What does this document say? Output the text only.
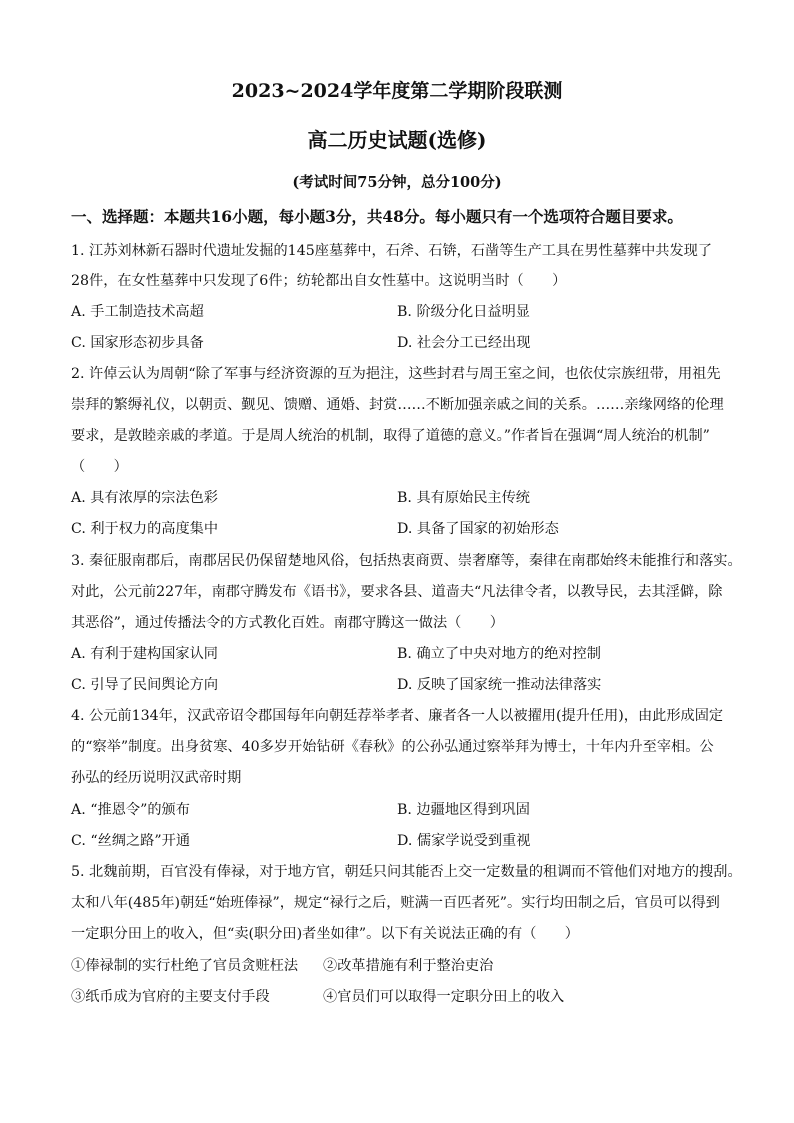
2023~2024学年度第二学期阶段联测
高二历史试题(选修)
(考试时间75分钟，总分100分)
一、选择题：本题共16小题，每小题3分，共48分。每小题只有一个选项符合题目要求。
1. 江苏刘林新石器时代遗址发掘的145座墓葬中，石斧、石锛，石凿等生产工具在男性墓葬中共发现了
28件，在女性墓葬中只发现了6件；纺轮都出自女性墓中。这说明当时（　　）
A. 手工制造技术高超	B. 阶级分化日益明显
C. 国家形态初步具备	D. 社会分工已经出现
2. 许倬云认为周朝“除了军事与经济资源的互为挹注，这些封君与周王室之间，也依仗宗族纽带，用祖先
崇拜的繁缛礼仪，以朝贡、觐见、馈赠、通婚、封赏……不断加强亲戚之间的关系。……亲缘网络的伦理
要求，是敦睦亲戚的孝道。于是周人统治的机制，取得了道德的意义。”作者旨在强调“周人统治的机制”
（　　）
A. 具有浓厚的宗法色彩	B. 具有原始民主传统
C. 利于权力的高度集中	D. 具备了国家的初始形态
3. 秦征服南郡后，南郡居民仍保留楚地风俗，包括热衷商贾、崇奢靡等，秦律在南郡始终未能推行和落实。
对此，公元前227年，南郡守腾发布《语书》，要求各县、道啬夫“凡法律令者，以教导民，去其淫僻，除
其恶俗”，通过传播法令的方式教化百姓。南郡守腾这一做法（　　）
A. 有利于建构国家认同	B. 确立了中央对地方的绝对控制
C. 引导了民间舆论方向	D. 反映了国家统一推动法律落实
4. 公元前134年，汉武帝诏令郡国每年向朝廷荐举孝者、廉者各一人以被擢用(提升任用)，由此形成固定
的“察举”制度。出身贫寒、40多岁开始钻研《春秋》的公孙弘通过察举拜为博士，十年内升至宰相。公
孙弘的经历说明汉武帝时期
A. “推恩令”的颁布	B. 边疆地区得到巩固
C. “丝绸之路”开通	D. 儒家学说受到重视
5. 北魏前期，百官没有俸禄，对于地方官，朝廷只问其能否上交一定数量的租调而不管他们对地方的搜刮。
太和八年(485年)朝廷“始班俸禄”，规定“禄行之后，赃满一百匹者死”。实行均田制之后，官员可以得到
一定职分田上的收入，但“卖(职分田)者坐如律”。以下有关说法正确的有（　　）
①俸禄制的实行杜绝了官员贪赃枉法 ②改革措施有利于整治吏治
③纸币成为官府的主要支付手段	④官员们可以取得一定职分田上的收入
